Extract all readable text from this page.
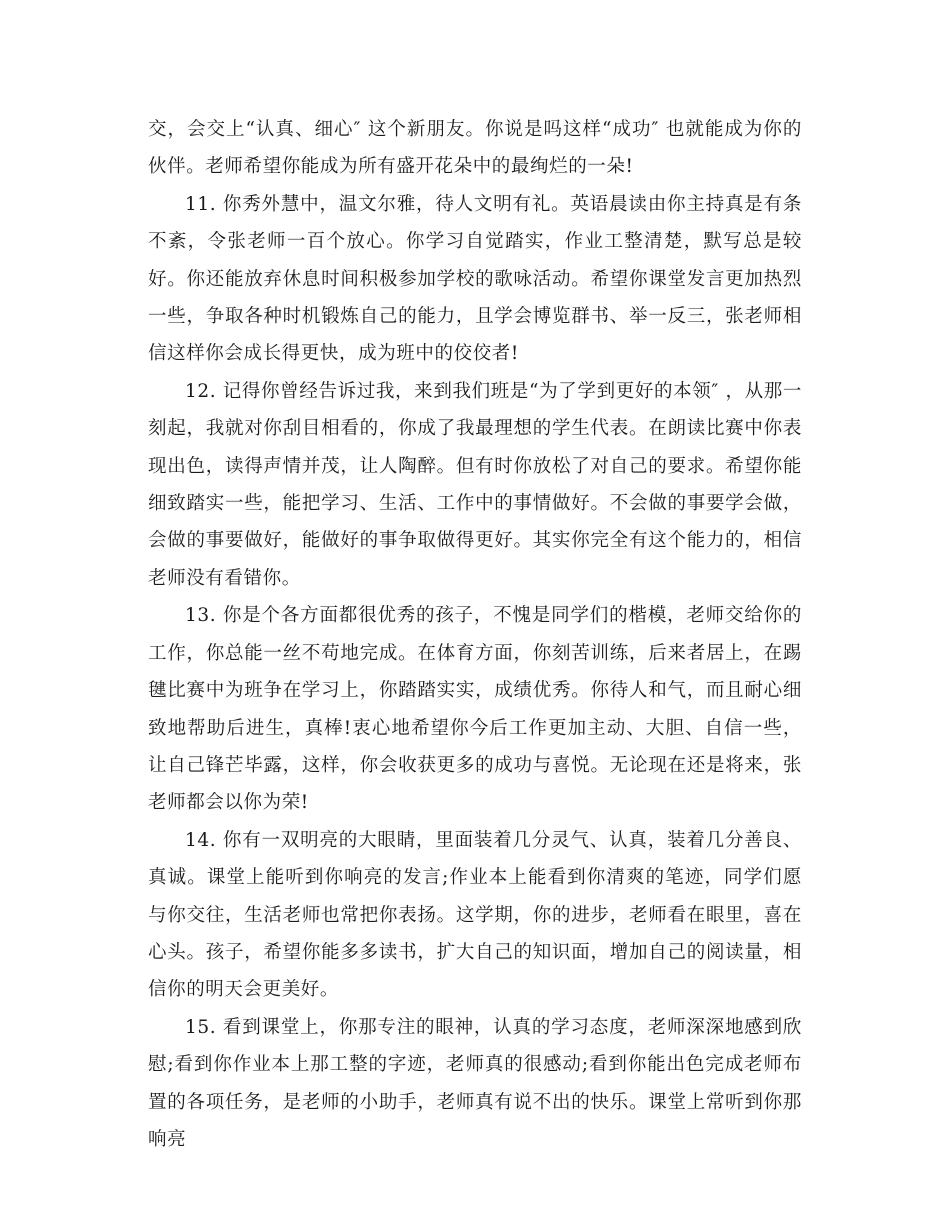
交，会交上“认真、细心″ 这个新朋友。你说是吗这样“成功″ 也就能成为你的伙伴。老师希望你能成为所有盛开花朵中的最绚烂的一朵!

11. 你秀外慧中，温文尔雅，待人文明有礼。英语晨读由你主持真是有条不紊，令张老师一百个放心。你学习自觉踏实，作业工整清楚，默写总是较好。你还能放弃休息时间积极参加学校的歌咏活动。希望你课堂发言更加热烈一些，争取各种时机锻炼自己的能力，且学会博览群书、举一反三，张老师相信这样你会成长得更快，成为班中的佼佼者!

12. 记得你曾经告诉过我，来到我们班是“为了学到更好的本领″ ，从那一刻起，我就对你刮目相看的，你成了我最理想的学生代表。在朗读比赛中你表现出色，读得声情并茂，让人陶醉。但有时你放松了对自己的要求。希望你能细致踏实一些，能把学习、生活、工作中的事情做好。不会做的事要学会做，会做的事要做好，能做好的事争取做得更好。其实你完全有这个能力的，相信老师没有看错你。

13. 你是个各方面都很优秀的孩子，不愧是同学们的楷模，老师交给你的工作，你总能一丝不苟地完成。在体育方面，你刻苦训练，后来者居上，在踢毽比赛中为班争在学习上，你踏踏实实，成绩优秀。你待人和气，而且耐心细致地帮助后进生，真棒!衷心地希望你今后工作更加主动、大胆、自信一些，让自己锋芒毕露，这样，你会收获更多的成功与喜悦。无论现在还是将来，张老师都会以你为荣!

14. 你有一双明亮的大眼睛，里面装着几分灵气、认真，装着几分善良、真诚。课堂上能听到你响亮的发言;作业本上能看到你清爽的笔迹，同学们愿与你交往，生活老师也常把你表扬。这学期，你的进步，老师看在眼里，喜在心头。孩子，希望你能多多读书，扩大自己的知识面，增加自己的阅读量，相信你的明天会更美好。

15. 看到课堂上，你那专注的眼神，认真的学习态度，老师深深地感到欣慰;看到你作业本上那工整的字迹，老师真的很感动;看到你能出色完成老师布置的各项任务，是老师的小助手，老师真有说不出的快乐。课堂上常听到你那响亮
